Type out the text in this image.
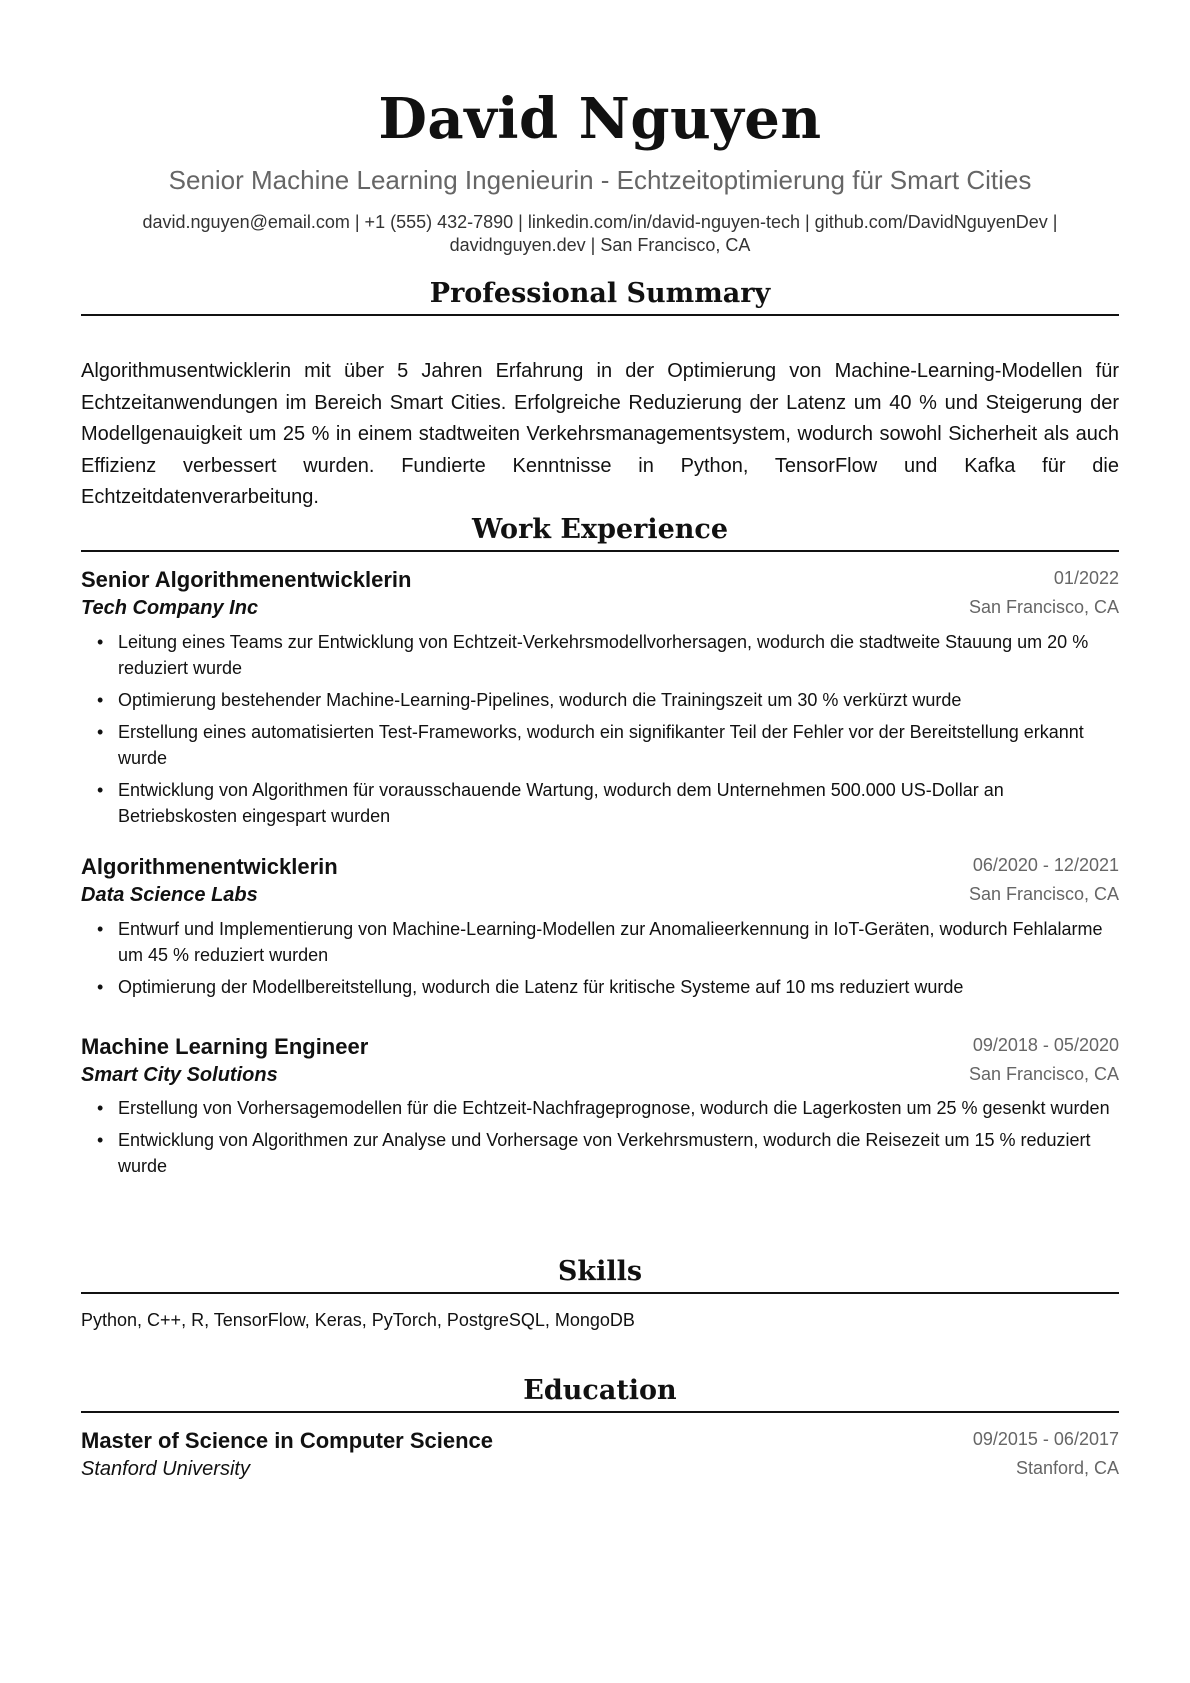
David Nguyen
Senior Machine Learning Ingenieurin - Echtzeitoptimierung für Smart Cities
david.nguyen@email.com | +1 (555) 432-7890 | linkedin.com/in/david-nguyen-tech | github.com/DavidNguyenDev |
davidnguyen.dev | San Francisco, CA
Professional Summary
Algorithmusentwicklerin mit über 5 Jahren Erfahrung in der Optimierung von Machine-Learning-Modellen für Echtzeitanwendungen im Bereich Smart Cities. Erfolgreiche Reduzierung der Latenz um 40 % und Steigerung der Modellgenauigkeit um 25 % in einem stadtweiten Verkehrsmanagementsystem, wodurch sowohl Sicherheit als auch Effizienz verbessert wurden. Fundierte Kenntnisse in Python, TensorFlow und Kafka für die Echtzeitdatenverarbeitung.
Work Experience
Senior Algorithmenentwicklerin	01/2022
Tech Company Inc	San Francisco, CA
• Leitung eines Teams zur Entwicklung von Echtzeit-Verkehrsmodellvorhersagen, wodurch die stadtweite Stauung um 20 % reduziert wurde
• Optimierung bestehender Machine-Learning-Pipelines, wodurch die Trainingszeit um 30 % verkürzt wurde
• Erstellung eines automatisierten Test-Frameworks, wodurch ein signifikanter Teil der Fehler vor der Bereitstellung erkannt wurde
• Entwicklung von Algorithmen für vorausschauende Wartung, wodurch dem Unternehmen 500.000 US-Dollar an Betriebskosten eingespart wurden
Algorithmenentwicklerin	06/2020 - 12/2021
Data Science Labs	San Francisco, CA
• Entwurf und Implementierung von Machine-Learning-Modellen zur Anomalieerkennung in IoT-Geräten, wodurch Fehlalarme um 45 % reduziert wurden
• Optimierung der Modellbereitstellung, wodurch die Latenz für kritische Systeme auf 10 ms reduziert wurde
Machine Learning Engineer	09/2018 - 05/2020
Smart City Solutions	San Francisco, CA
• Erstellung von Vorhersagemodellen für die Echtzeit-Nachfrageprognose, wodurch die Lagerkosten um 25 % gesenkt wurden
• Entwicklung von Algorithmen zur Analyse und Vorhersage von Verkehrsmustern, wodurch die Reisezeit um 15 % reduziert wurde
Skills
Python, C++, R, TensorFlow, Keras, PyTorch, PostgreSQL, MongoDB
Education
Master of Science in Computer Science	09/2015 - 06/2017
Stanford University	Stanford, CA
